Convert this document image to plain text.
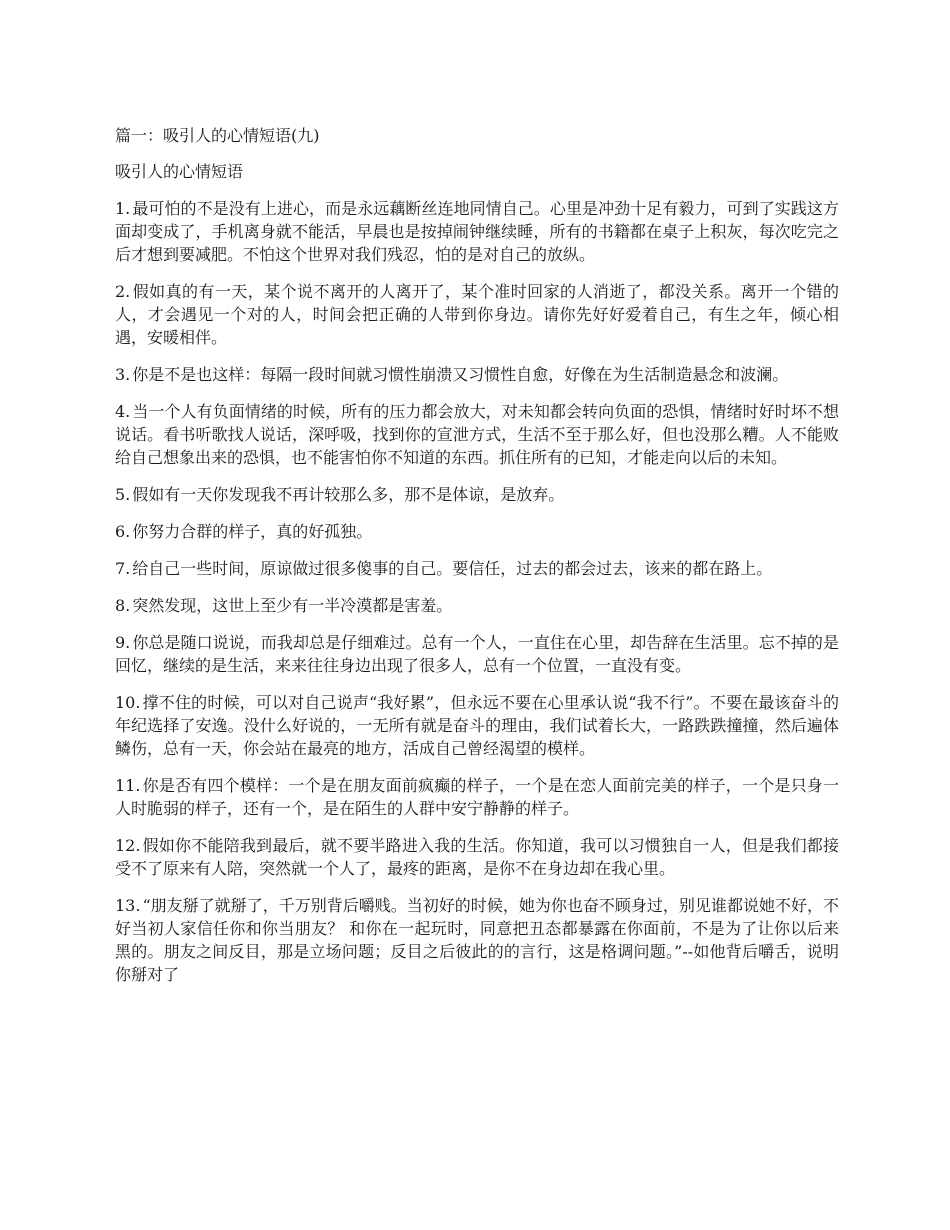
篇一：吸引人的心情短语(九)
吸引人的心情短语
1. 最可怕的不是没有上进心，而是永远藕断丝连地同情自己。心里是冲劲十足有毅力，可到了实践这方面却变成了，手机离身就不能活，早晨也是按掉闹钟继续睡，所有的书籍都在桌子上积灰，每次吃完之后才想到要减肥。不怕这个世界对我们残忍，怕的是对自己的放纵。
2. 假如真的有一天，某个说不离开的人离开了，某个准时回家的人消逝了，都没关系。离开一个错的人，才会遇见一个对的人，时间会把正确的人带到你身边。请你先好好爱着自己，有生之年，倾心相遇，安暖相伴。
3. 你是不是也这样：每隔一段时间就习惯性崩溃又习惯性自愈，好像在为生活制造悬念和波澜。
4. 当一个人有负面情绪的时候，所有的压力都会放大，对未知都会转向负面的恐惧，情绪时好时坏不想说话。看书听歌找人说话，深呼吸，找到你的宣泄方式，生活不至于那么好，但也没那么糟。人不能败给自己想象出来的恐惧，也不能害怕你不知道的东西。抓住所有的已知，才能走向以后的未知。
5. 假如有一天你发现我不再计较那么多，那不是体谅，是放弃。
6. 你努力合群的样子，真的好孤独。
7. 给自己一些时间，原谅做过很多傻事的自己。要信任，过去的都会过去，该来的都在路上。
8. 突然发现，这世上至少有一半冷漠都是害羞。
9. 你总是随口说说，而我却总是仔细难过。总有一个人，一直住在心里，却告辞在生活里。忘不掉的是回忆，继续的是生活，来来往往身边出现了很多人，总有一个位置，一直没有变。
10. 撑不住的时候，可以对自己说声“我好累”，但永远不要在心里承认说“我不行”。不要在最该奋斗的年纪选择了安逸。没什么好说的，一无所有就是奋斗的理由，我们试着长大，一路跌跌撞撞，然后遍体鳞伤，总有一天，你会站在最亮的地方，活成自己曾经渴望的模样。
11. 你是否有四个模样：一个是在朋友面前疯癫的样子，一个是在恋人面前完美的样子，一个是只身一人时脆弱的样子，还有一个，是在陌生的人群中安宁静静的样子。
12. 假如你不能陪我到最后，就不要半路进入我的生活。你知道，我可以习惯独自一人，但是我们都接受不了原来有人陪，突然就一个人了，最疼的距离，是你不在身边却在我心里。
13. “朋友掰了就掰了，千万别背后嚼贱。当初好的时候，她为你也奋不顾身过，别见谁都说她不好，不好当初人家信任你和你当朋友？ 和你在一起玩时，同意把丑态都暴露在你面前，不是为了让你以后来黑的。朋友之间反目，那是立场问题；反目之后彼此的的言行，这是格调问题。”--如他背后嚼舌，说明你掰对了
